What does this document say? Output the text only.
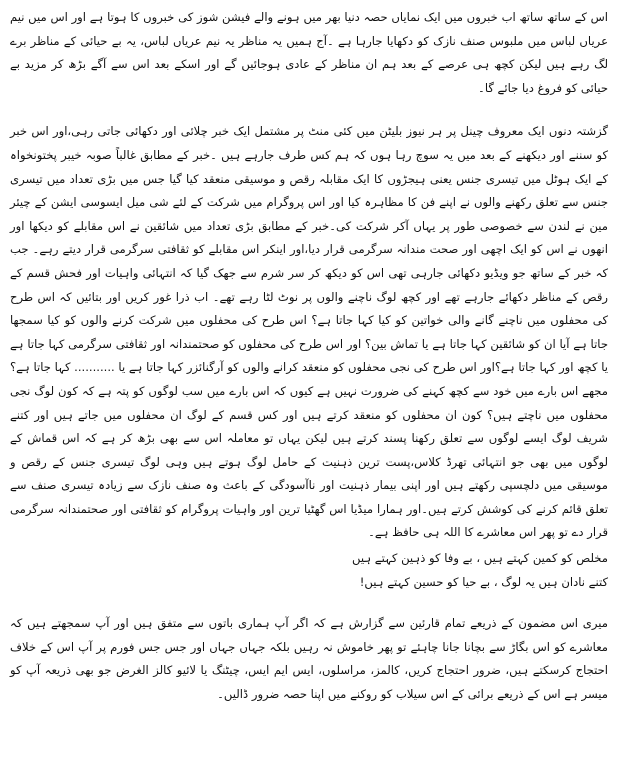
اس کے ساتھ ساتھ اب خبروں میں ایک نمایاں حصہ دنیا بھر میں ہونے والے فیشن شوز کی خبروں کا ہوتا ہے اور اس میں نیم عریاں لباس میں ملبوس صنف نازک کو دکھایا جارہا ہے ۔آج ہمیں یہ مناظر یہ نیم عریاں لباس، یہ بے حیائی کے مناظر برے لگ رہے ہیں لیکن کچھ ہی عرصے کے بعد ہم ان مناظر کے عادی ہوجائیں گے اور اسکے بعد اس سے آگے بڑھ کر مزید بے حیائی کو فروغ دیا جائے گا۔

گزشتہ دنوں ایک معروف چینل پر ہر نیوز بلیٹن میں کئی منٹ پر مشتمل ایک خبر چلائی اور دکھائی جاتی رہی،اور اس خبر کو سننے اور دیکھنے کے بعد میں یہ سوچ رہا ہوں کہ ہم کس طرف جارہے ہیں ۔خبر کے مطابق غالباً صوبہ خیبر پختونخواہ کے ایک ہوٹل میں تیسری جنس یعنی ہیجڑوں کا ایک مقابلہ رقص و موسیقی منعقد کیا گیا جس میں بڑی تعداد میں تیسری جنس سے تعلق رکھنے والوں نے اپنے فن کا مظاہرہ کیا اور اس پروگرام میں شرکت کے لئے شی میل ایسوسی ایشن کے چیئر مین نے لندن سے خصوصی طور پر یہاں آکر شرکت کی۔خبر کے مطابق بڑی تعداد میں شائقین نے اس مقابلے کو دیکھا اور انھوں نے اس کو ایک اچھی اور صحت مندانہ سرگرمی قرار دیا،اور اینکر اس مقابلے کو ثقافتی سرگرمی قرار دیتے رہے۔ جب کہ خبر کے ساتھ جو ویڈیو دکھائی جارہی تھی اس کو دیکھ کر سر شرم سے جھک گیا کہ انتہائی واہیات اور فحش قسم کے رقص کے مناظر دکھائے جارہے تھے اور کچھ لوگ ناچنے والوں پر نوٹ لٹا رہے تھے۔ اب ذرا غور کریں اور بتائیں کہ اس طرح کی محفلوں میں ناچنے گانے والی خواتین کو کیا کہا جاتا ہے؟ اس طرح کی محفلوں میں شرکت کرنے والوں کو کیا سمجھا جاتا ہے آیا ان کو شائقین کہا جاتا ہے یا تماش بین؟ اور اس طرح کی محفلوں کو صحتمندانہ اور ثقافتی سرگرمی کہا جاتا ہے یا کچھ اور کہا جاتا ہے؟اور اس طرح کی نجی محفلوں کو منعقد کرانے والوں کو آرگنائزر کہا جاتا ہے یا ........... کہا جاتا ہے؟ مجھے اس بارے میں خود سے کچھ کہنے کی ضرورت نہیں ہے کیوں کہ اس بارے میں سب لوگوں کو پتہ ہے کہ کون لوگ نجی محفلوں میں ناچتے ہیں؟ کون ان محفلوں کو منعقد کرتے ہیں اور کس قسم کے لوگ ان محفلوں میں جاتے ہیں اور کتنے شریف لوگ ایسے لوگوں سے تعلق رکھنا پسند کرتے ہیں لیکن یہاں تو معاملہ اس سے بھی بڑھ کر ہے کہ اس قماش کے لوگوں میں بھی جو انتہائی تھرڈ کلاس،پست ترین ذہنیت کے حامل لوگ ہوتے ہیں وہی لوگ تیسری جنس کے رقص و موسیقی میں دلچسپی رکھتے ہیں اور اپنی بیمار ذہنیت اور ناآسودگی کے باعث وہ صنف نازک سے زیادہ تیسری صنف سے تعلق قائم کرنے کی کوشش کرتے ہیں۔اور ہمارا میڈیا اس گھٹیا ترین اور واہیات پروگرام کو ثقافتی اور صحتمندانہ سرگرمی قرار دے تو پھر اس معاشرے کا اللہ ہی حافظ ہے۔

مخلص کو کمین کہتے ہیں ، بے وفا کو ذہین کہتے ہیں
کتنے نادان ہیں یہ لوگ ، بے حیا کو حسین کہتے ہیں!

میری اس مضمون کے ذریعے تمام قارئین سے گزارش ہے کہ اگر آپ ہماری باتوں سے متفق ہیں اور آپ سمجھتے ہیں کہ معاشرے کو اس بگاڑ سے بچانا جانا چاہئے تو پھر خاموش نہ رہیں بلکہ جہاں جہاں اور جس جس فورم پر آپ اس کے خلاف احتجاج کرسکتے ہیں، ضرور احتجاج کریں، کالمز، مراسلوں، ایس ایم ایس، چیٹنگ یا لائیو کالز الغرض جو بھی ذریعہ آپ کو میسر ہے اس کے ذریعے برائی کے اس سیلاب کو روکنے میں اپنا حصہ ضرور ڈالیں۔
